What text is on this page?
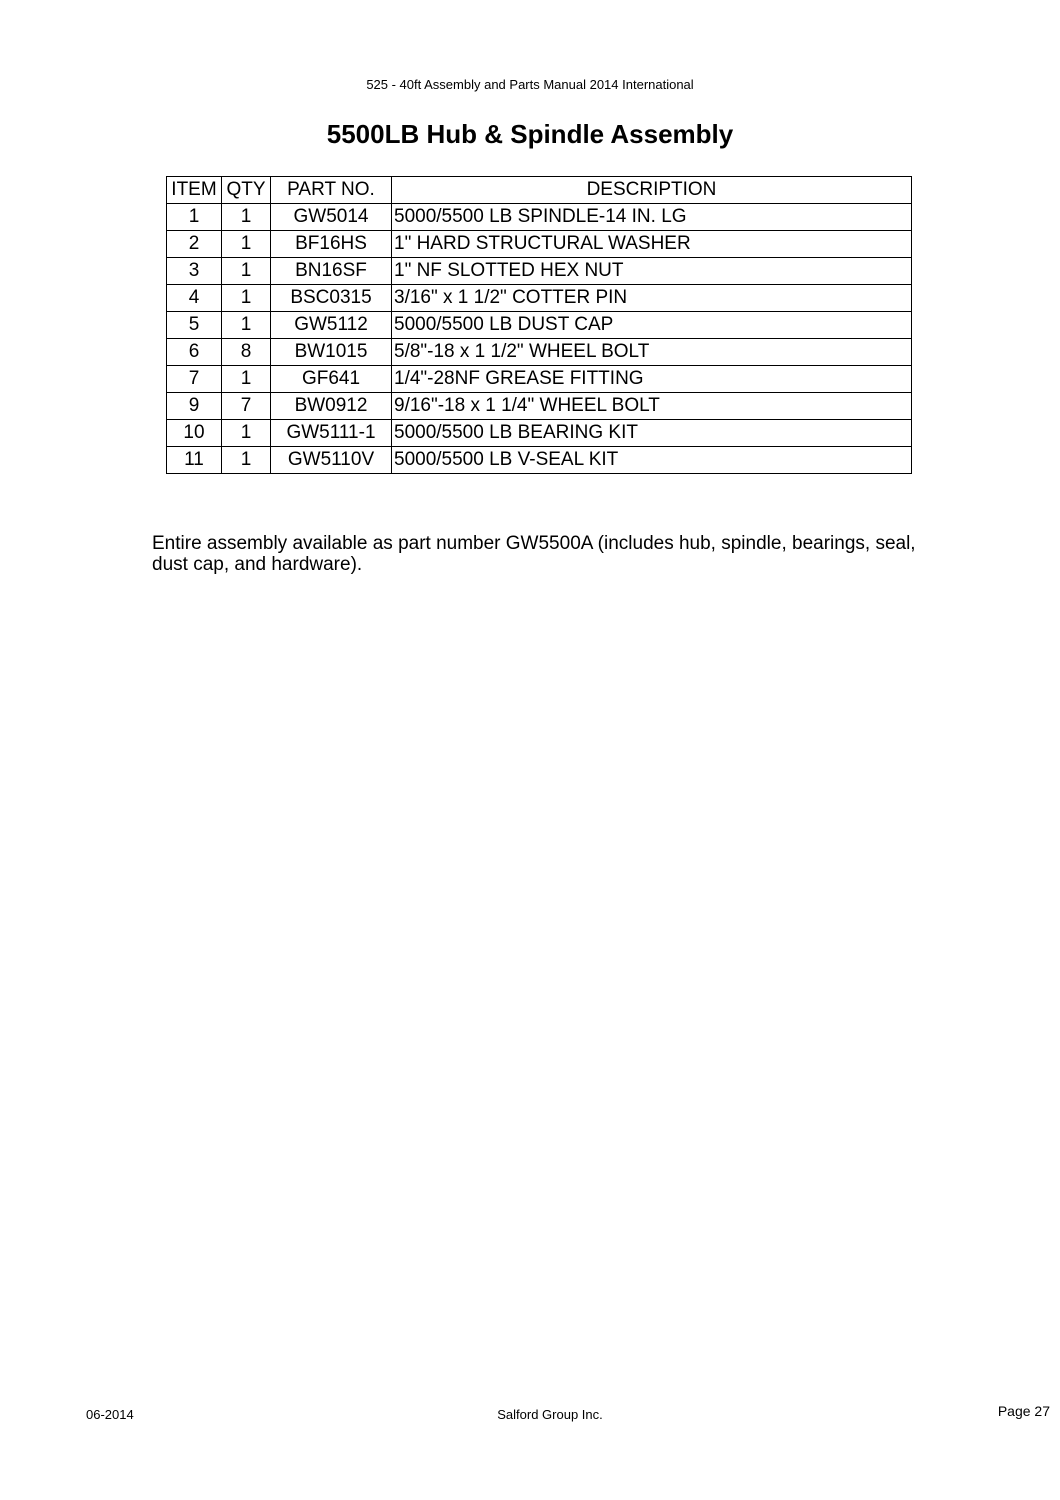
525 - 40ft Assembly and Parts Manual 2014 International
5500LB Hub & Spindle Assembly
ITEM	QTY	PART NO.	DESCRIPTION
1	1	GW5014	5000/5500 LB SPINDLE-14 IN. LG
2	1	BF16HS	1" HARD STRUCTURAL WASHER
3	1	BN16SF	1" NF SLOTTED HEX NUT
4	1	BSC0315	3/16" x 1 1/2" COTTER PIN
5	1	GW5112	5000/5500 LB DUST CAP
6	8	BW1015	5/8"-18 x 1 1/2" WHEEL BOLT
7	1	GF641	1/4"-28NF GREASE FITTING
9	7	BW0912	9/16"-18 x 1 1/4" WHEEL BOLT
10	1	GW5111-1	5000/5500 LB BEARING KIT
11	1	GW5110V	5000/5500 LB V-SEAL KIT

Entire assembly available as part number GW5500A (includes hub, spindle, bearings, seal, dust cap, and hardware).

06-2014	Salford Group Inc.	Page 27
